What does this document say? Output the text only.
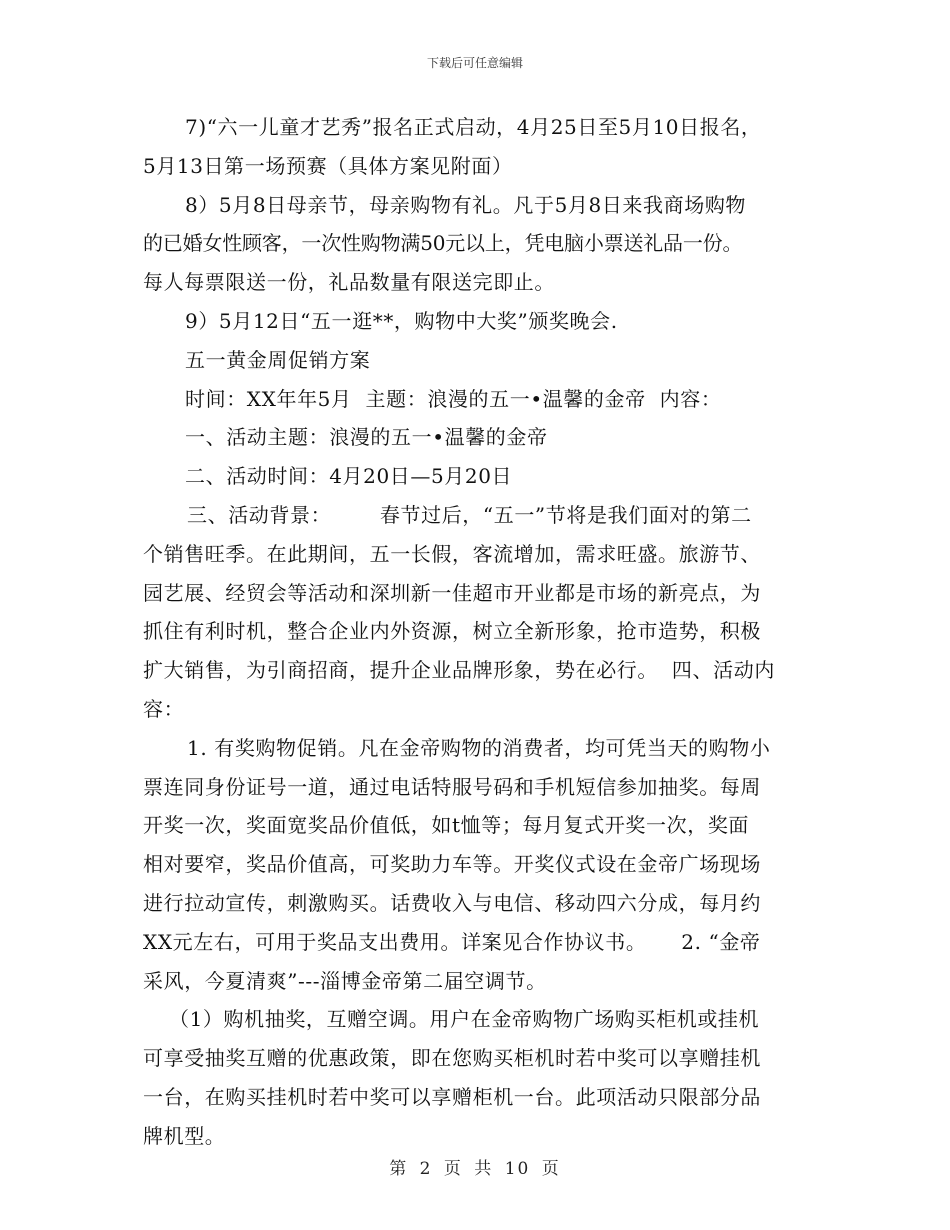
下载后可任意编辑
7)“六一儿童才艺秀”报名正式启动，4月25日至5月10日报名，
5月13日第一场预赛（具体方案见附面）
8）5月8日母亲节，母亲购物有礼。凡于5月8日来我商场购物
的已婚女性顾客，一次性购物满50元以上，凭电脑小票送礼品一份。
每人每票限送一份，礼品数量有限送完即止。
9）5月12日“五一逛**，购物中大奖”颁奖晚会.
五一黄金周促销方案
时间：XX年年5月  主题：浪漫的五一•温馨的金帝  内容：
一、活动主题：浪漫的五一•温馨的金帝
二、活动时间：4月20日—5月20日
三、活动背景：       春节过后，“五一”节将是我们面对的第二
个销售旺季。在此期间，五一长假，客流增加，需求旺盛。旅游节、
园艺展、经贸会等活动和深圳新一佳超市开业都是市场的新亮点，为
抓住有利时机，整合企业内外资源，树立全新形象，抢市造势，积极
扩大销售，为引商招商，提升企业品牌形象，势在必行。  四、活动内
容：
1. 有奖购物促销。凡在金帝购物的消费者，均可凭当天的购物小
票连同身份证号一道，通过电话特服号码和手机短信参加抽奖。每周
开奖一次，奖面宽奖品价值低，如t恤等；每月复式开奖一次，奖面
相对要窄，奖品价值高，可奖助力车等。开奖仪式设在金帝广场现场
进行拉动宣传，刺激购买。话费收入与电信、移动四六分成，每月约
XX元左右，可用于奖品支出费用。详案见合作协议书。     2. “金帝
采风，今夏清爽”---淄博金帝第二届空调节。
（1）购机抽奖，互赠空调。用户在金帝购物广场购买柜机或挂机
可享受抽奖互赠的优惠政策，即在您购买柜机时若中奖可以享赠挂机
一台，在购买挂机时若中奖可以享赠柜机一台。此项活动只限部分品
牌机型。
第 2 页 共 10 页
